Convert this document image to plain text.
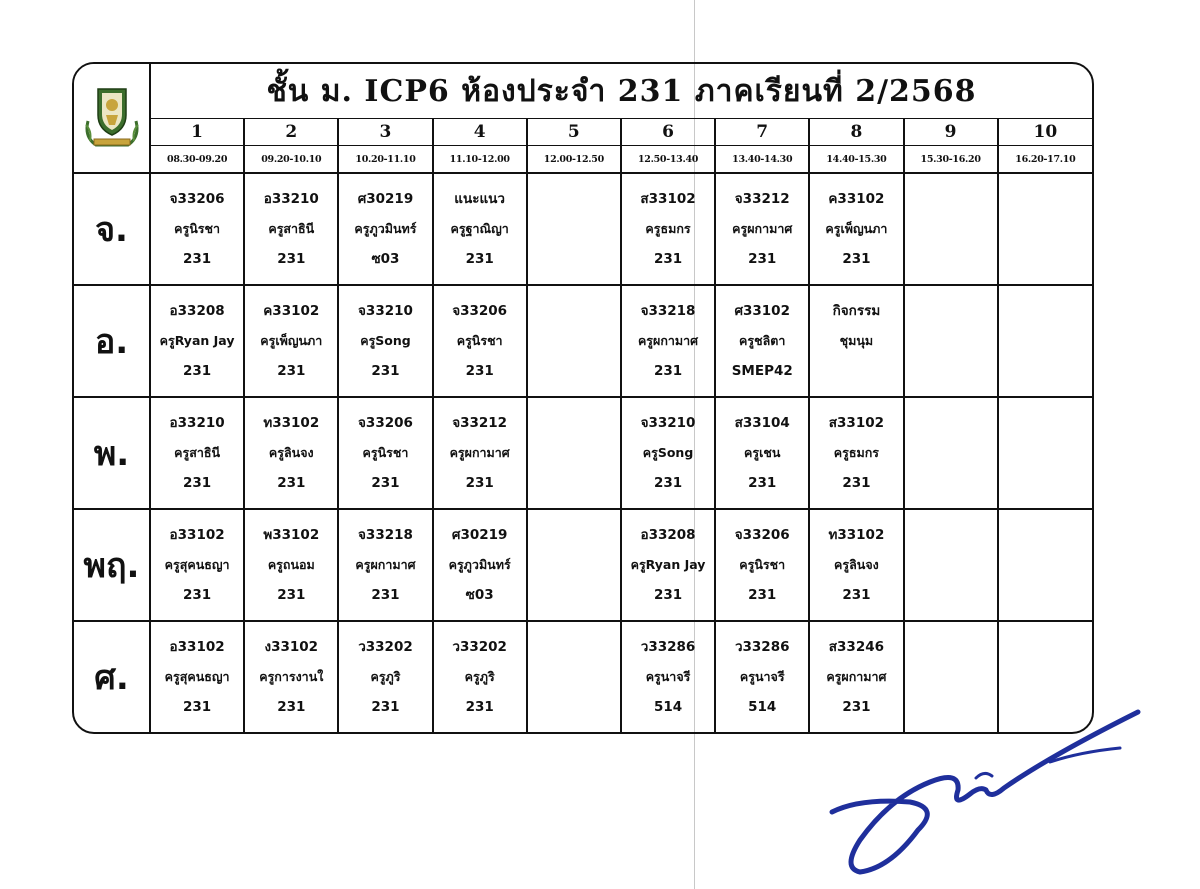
	ชั้น ม. ICP6 ห้องประจำ 231 ภาคเรียนที่ 2/2568									
	1	2	3	4	5	6	7	8	9	10
	08.30-09.20	09.20-10.10	10.20-11.10	11.10-12.00	12.00-12.50	12.50-13.40	13.40-14.30	14.40-15.30	15.30-16.20	16.20-17.10
จ.	จ33206
ครูนิรชา
231	อ33210
ครูสาธินี
231	ศ30219
ครูภูวมินทร์
ซ03	แนะแนว
ครูฐาณิญา
231		ส33102
ครูธมกร
231	จ33212
ครูผกามาศ
231	ค33102
ครูเพ็ญนภา
231		

อ.	อ33208
ครูRyan Jay
231	ค33102
ครูเพ็ญนภา
231	จ33210
ครูSong
231	จ33206
ครูนิรชา
231		จ33218
ครูผกามาศ
231	ศ33102
ครูชลิตา
SMEP42	กิจกรรม
ชุมนุม		

พ.	อ33210
ครูสาธินี
231	ท33102
ครูลินจง
231	จ33206
ครูนิรชา
231	จ33212
ครูผกามาศ
231		จ33210
ครูSong
231	ส33104
ครูเชน
231	ส33102
ครูธมกร
231		

พฤ.	อ33102
ครูสุคนธญา
231	พ33102
ครูถนอม
231	จ33218
ครูผกามาศ
231	ศ30219
ครูภูวมินทร์
ซ03		อ33208
ครูRyan Jay
231	จ33206
ครูนิรชา
231	ท33102
ครูลินจง
231		

ศ.	อ33102
ครูสุคนธญา
231	ง33102
ครูการงานใ
231	ว33202
ครูภูริ
231	ว33202
ครูภูริ
231		ว33286
ครูนาจรี
514	ว33286
ครูนาจรี
514	ส33246
ครูผกามาศ
231		
